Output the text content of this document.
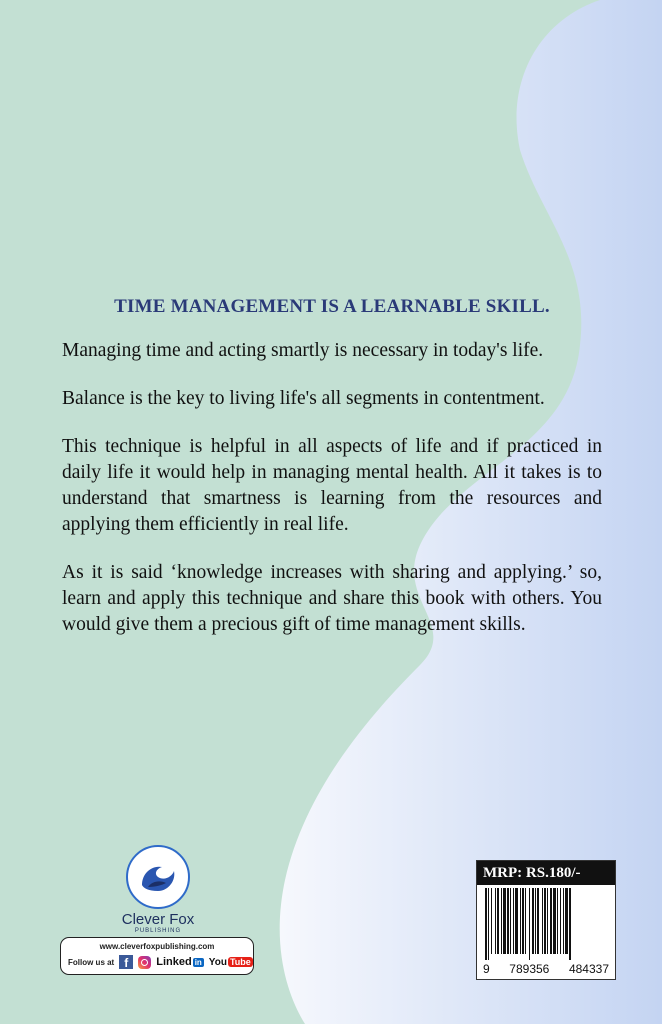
TIME MANAGEMENT IS A LEARNABLE SKILL.

Managing time and acting smartly is necessary in today's life.

Balance is the key to living life's all segments in contentment.

This technique is helpful in all aspects of life and if practiced in daily life it would help in managing mental health. All it takes is to understand that smartness is learning from the resources and applying them efficiently in real life.

As it is said ‘knowledge increases with sharing and applying.’ so, learn and apply this technique and share this book with others. You would give them a precious gift of time management skills.

Clever Fox
PUBLISHING
www.cleverfoxpublishing.com
Follow us at f	Linked in You Tube
MRP: RS.180/-
9 789356 484337
